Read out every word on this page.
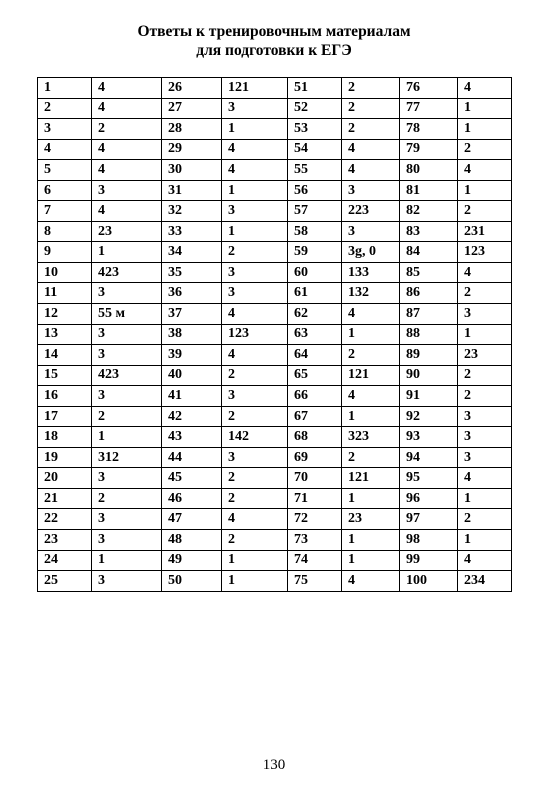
Ответы к тренировочным материалам
для подготовки к ЕГЭ
1	4	26	121	51	2	76	4
2	4	27	3	52	2	77	1
3	2	28	1	53	2	78	1
4	4	29	4	54	4	79	2
5	4	30	4	55	4	80	4
6	3	31	1	56	3	81	1
7	4	32	3	57	223	82	2
8	23	33	1	58	3	83	231
9	1	34	2	59	3g, 0	84	123
10	423	35	3	60	133	85	4
11	3	36	3	61	132	86	2
12	55 м	37	4	62	4	87	3
13	3	38	123	63	1	88	1
14	3	39	4	64	2	89	23
15	423	40	2	65	121	90	2
16	3	41	3	66	4	91	2
17	2	42	2	67	1	92	3
18	1	43	142	68	323	93	3
19	312	44	3	69	2	94	3
20	3	45	2	70	121	95	4
21	2	46	2	71	1	96	1
22	3	47	4	72	23	97	2
23	3	48	2	73	1	98	1
24	1	49	1	74	1	99	4
25	3	50	1	75	4	100	234
130
